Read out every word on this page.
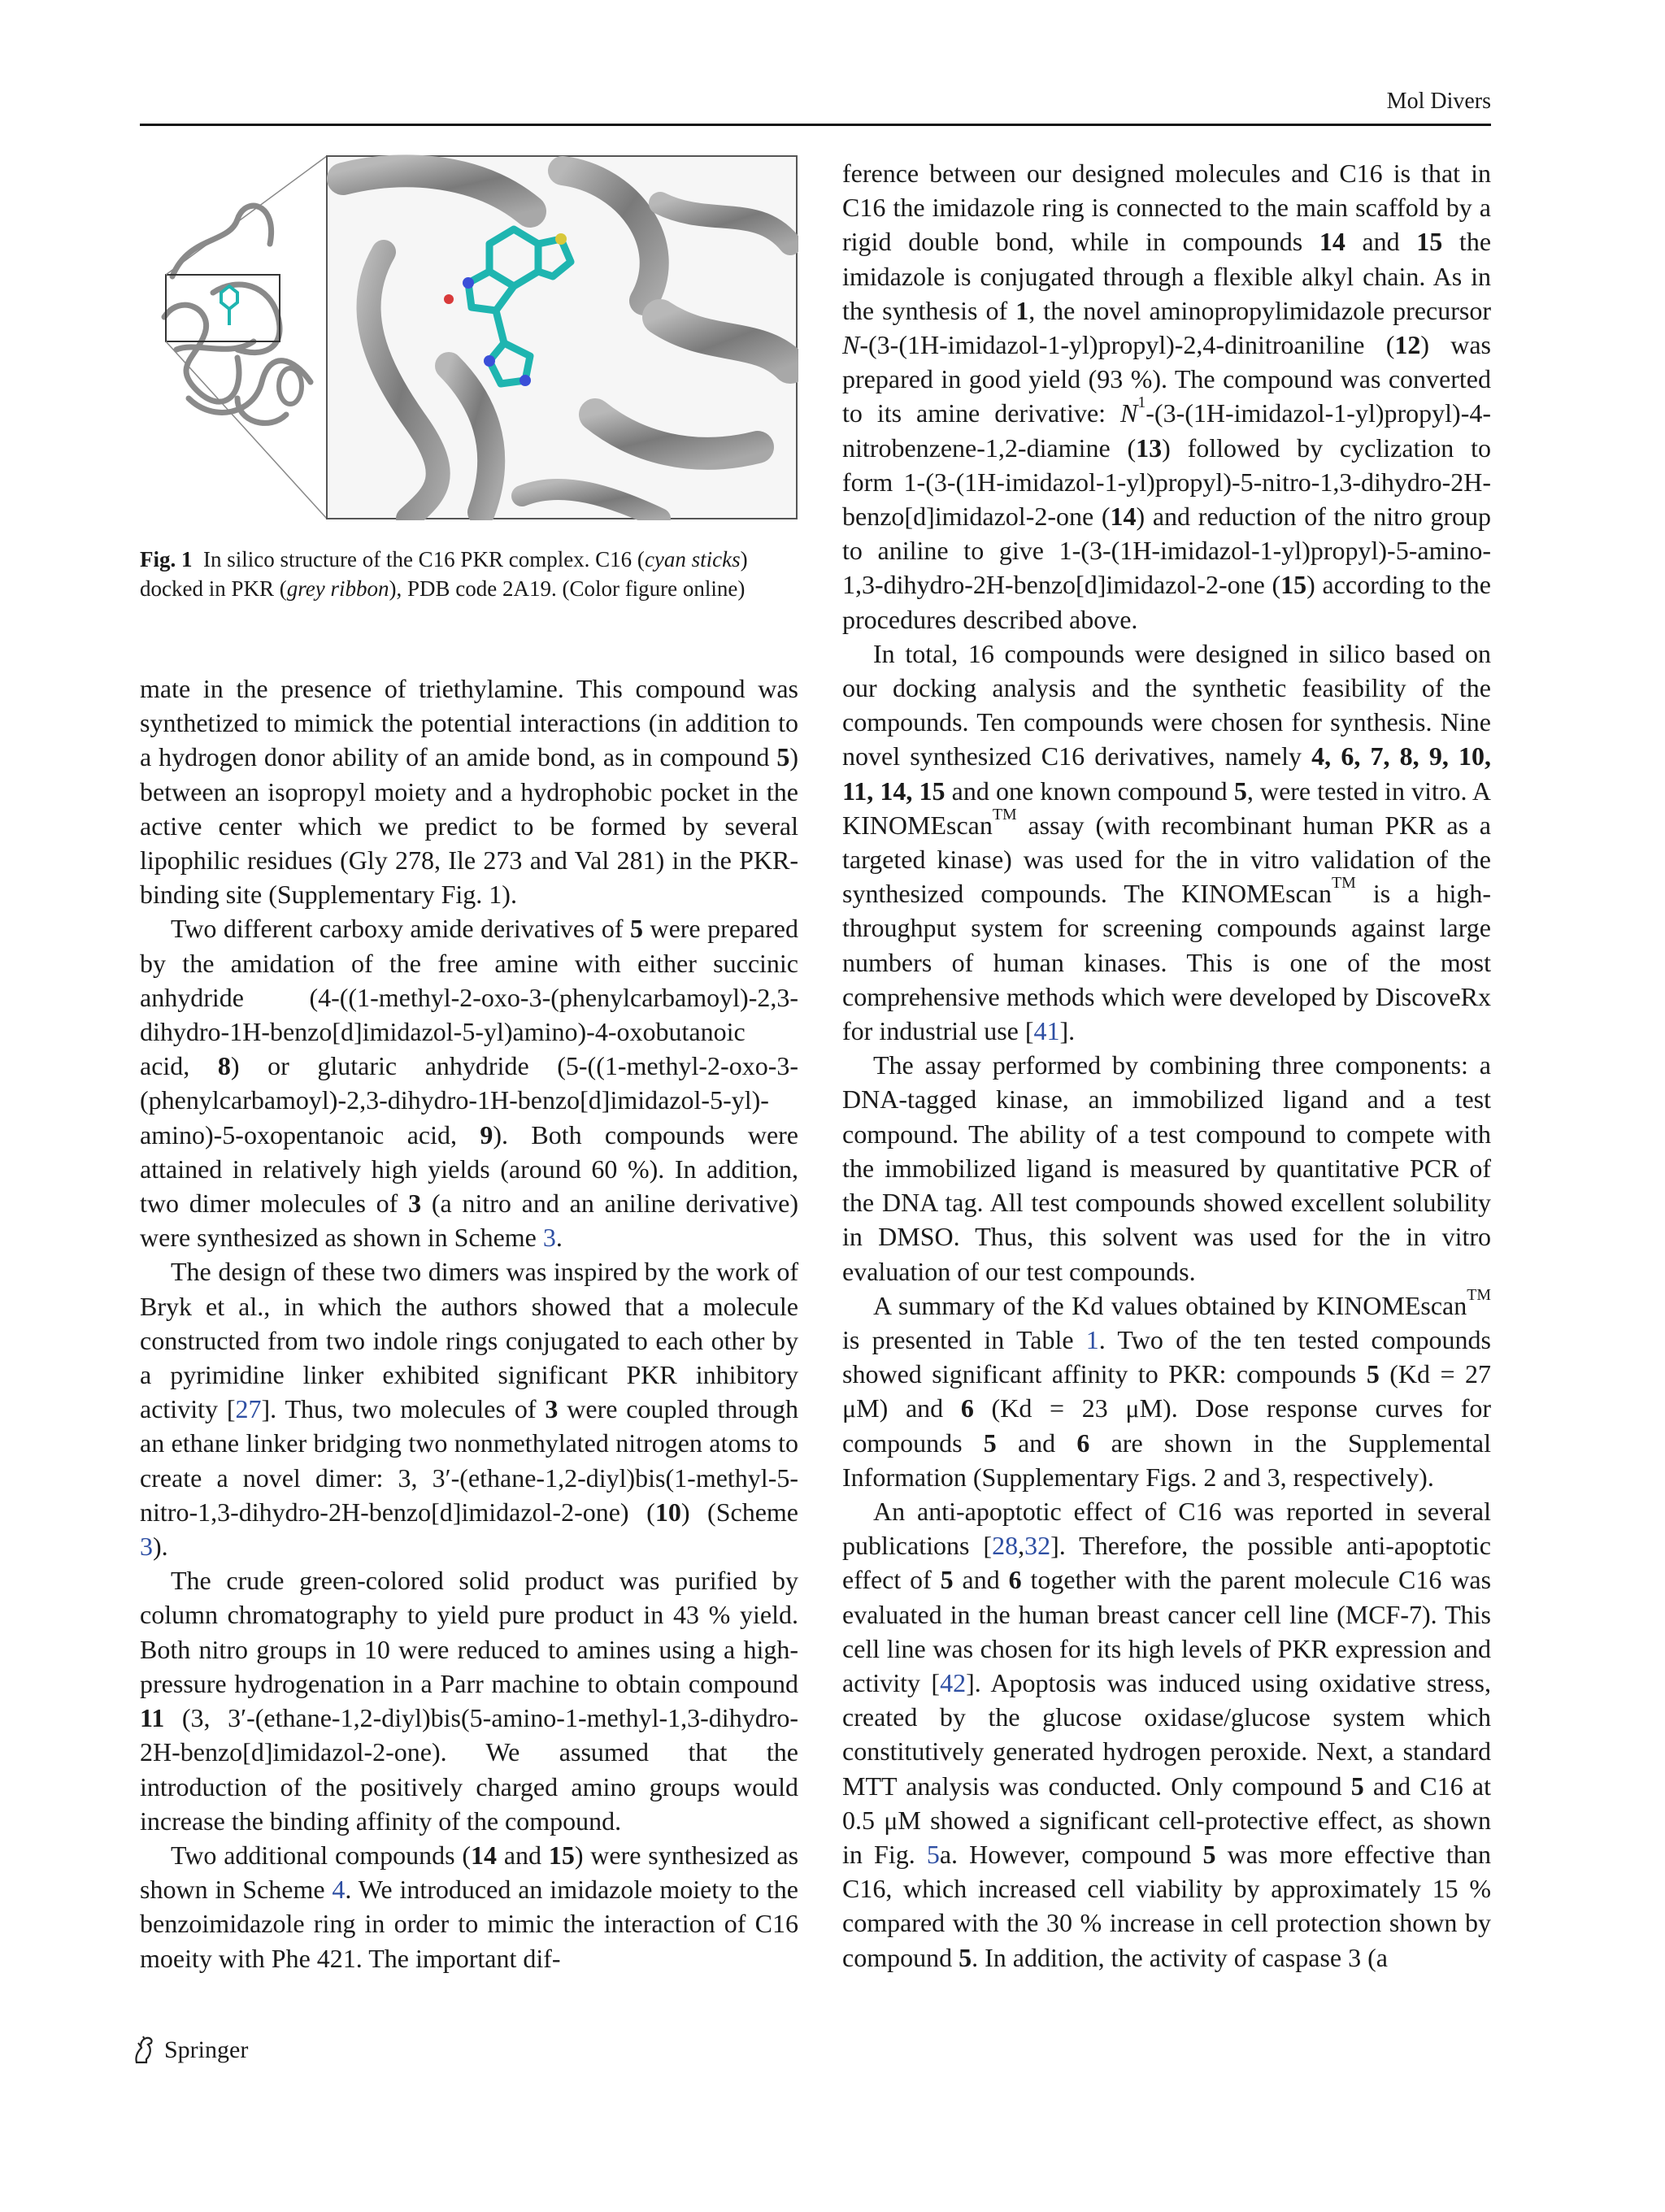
Mol Divers
Fig. 1 In silico structure of the C16 PKR complex. C16 (cyan sticks) docked in PKR (grey ribbon), PDB code 2A19. (Color figure online)

mate in the presence of triethylamine. This compound was synthetized to mimick the potential interactions (in addition to a hydrogen donor ability of an amide bond, as in compound 5) between an isopropyl moiety and a hydrophobic pocket in the active center which we predict to be formed by several lipophilic residues (Gly 278, Ile 273 and Val 281) in the PKR-binding site (Supplementary Fig. 1).

Two different carboxy amide derivatives of 5 were prepared by the amidation of the free amine with either succinic anhydride (4-((1-methyl-2-oxo-3-(phenylcarbamoyl)-2,3-dihydro-1H-benzo[d]imidazol-5-yl)amino)-4-oxobutanoic acid, 8) or glutaric anhydride (5-((1-methyl-2-oxo-3-(phenylcarbamoyl)-2,3-dihydro-1H-benzo[d]imidazol-5-yl)-amino)-5-oxopentanoic acid, 9). Both compounds were attained in relatively high yields (around 60 %). In addition, two dimer molecules of 3 (a nitro and an aniline derivative) were synthesized as shown in Scheme 3.

The design of these two dimers was inspired by the work of Bryk et al., in which the authors showed that a molecule constructed from two indole rings conjugated to each other by a pyrimidine linker exhibited significant PKR inhibitory activity [27]. Thus, two molecules of 3 were coupled through an ethane linker bridging two nonmethylated nitrogen atoms to create a novel dimer: 3, 3′-(ethane-1,2-diyl)bis(1-methyl-5-nitro-1,3-dihydro-2H-benzo[d]imidazol-2-one) (10) (Scheme 3).

The crude green-colored solid product was purified by column chromatography to yield pure product in 43 % yield. Both nitro groups in 10 were reduced to amines using a high-pressure hydrogenation in a Parr machine to obtain compound 11 (3, 3′-(ethane-1,2-diyl)bis(5-amino-1-methyl-1,3-dihydro-2H-benzo[d]imidazol-2-one). We assumed that the introduction of the positively charged amino groups would increase the binding affinity of the compound.

Two additional compounds (14 and 15) were synthesized as shown in Scheme 4. We introduced an imidazole moiety to the benzoimidazole ring in order to mimic the interaction of C16 moeity with Phe 421. The important dif-

ference between our designed molecules and C16 is that in C16 the imidazole ring is connected to the main scaffold by a rigid double bond, while in compounds 14 and 15 the imidazole is conjugated through a flexible alkyl chain. As in the synthesis of 1, the novel aminopropylimidazole precursor N-(3-(1H-imidazol-1-yl)propyl)-2,4-dinitroaniline (12) was prepared in good yield (93 %). The compound was converted to its amine derivative: $N^1-(3-(1H-imidazol-1-yl)propyl)-4-nitrobenzene-1,2$-diamine (13) followed by cyclization to form 1-(3-(1H-imidazol-1-yl)propyl)-5-nitro-1,3-dihydro-2H-benzo[d]imidazol-2-one (14) and reduction of the nitro group to aniline to give 1-(3-(1H-imidazol-1-yl)propyl)-5-amino-1,3-dihydro-2H-benzo[d]imidazol-2-one (15) according to the procedures described above.

In total, 16 compounds were designed in silico based on our docking analysis and the synthetic feasibility of the compounds. Ten compounds were chosen for synthesis. Nine novel synthesized C16 derivatives, namely 4, 6, 7, 8, 9, 10, 11, 14, 15 and one known compound 5, were tested in vitro. A KINOMEscan™ assay (with recombinant human PKR as a targeted kinase) was used for the in vitro validation of the synthesized compounds. The KINOMEscan™ is a high-throughput system for screening compounds against large numbers of human kinases. This is one of the most comprehensive methods which were developed by DiscoveRx for industrial use [41].

The assay performed by combining three components: a DNA-tagged kinase, an immobilized ligand and a test compound. The ability of a test compound to compete with the immobilized ligand is measured by quantitative PCR of the DNA tag. All test compounds showed excellent solubility in DMSO. Thus, this solvent was used for the in vitro evaluation of our test compounds.

A summary of the Kd values obtained by KINOMEscan™ is presented in Table 1. Two of the ten tested compounds showed significant affinity to PKR: compounds 5 (Kd = 27 μM) and 6 (Kd = 23 μM). Dose response curves for compounds 5 and 6 are shown in the Supplemental Information (Supplementary Figs. 2 and 3, respectively).

An anti-apoptotic effect of C16 was reported in several publications [28,32]. Therefore, the possible anti-apoptotic effect of 5 and 6 together with the parent molecule C16 was evaluated in the human breast cancer cell line (MCF-7). This cell line was chosen for its high levels of PKR expression and activity [42]. Apoptosis was induced using oxidative stress, created by the glucose oxidase/glucose system which constitutively generated hydrogen peroxide. Next, a standard MTT analysis was conducted. Only compound 5 and C16 at 0.5 μM showed a significant cell-protective effect, as shown in Fig. 5a. However, compound 5 was more effective than C16, which increased cell viability by approximately 15 % compared with the 30 % increase in cell protection shown by compound 5. In addition, the activity of caspase 3 (a

Springer
